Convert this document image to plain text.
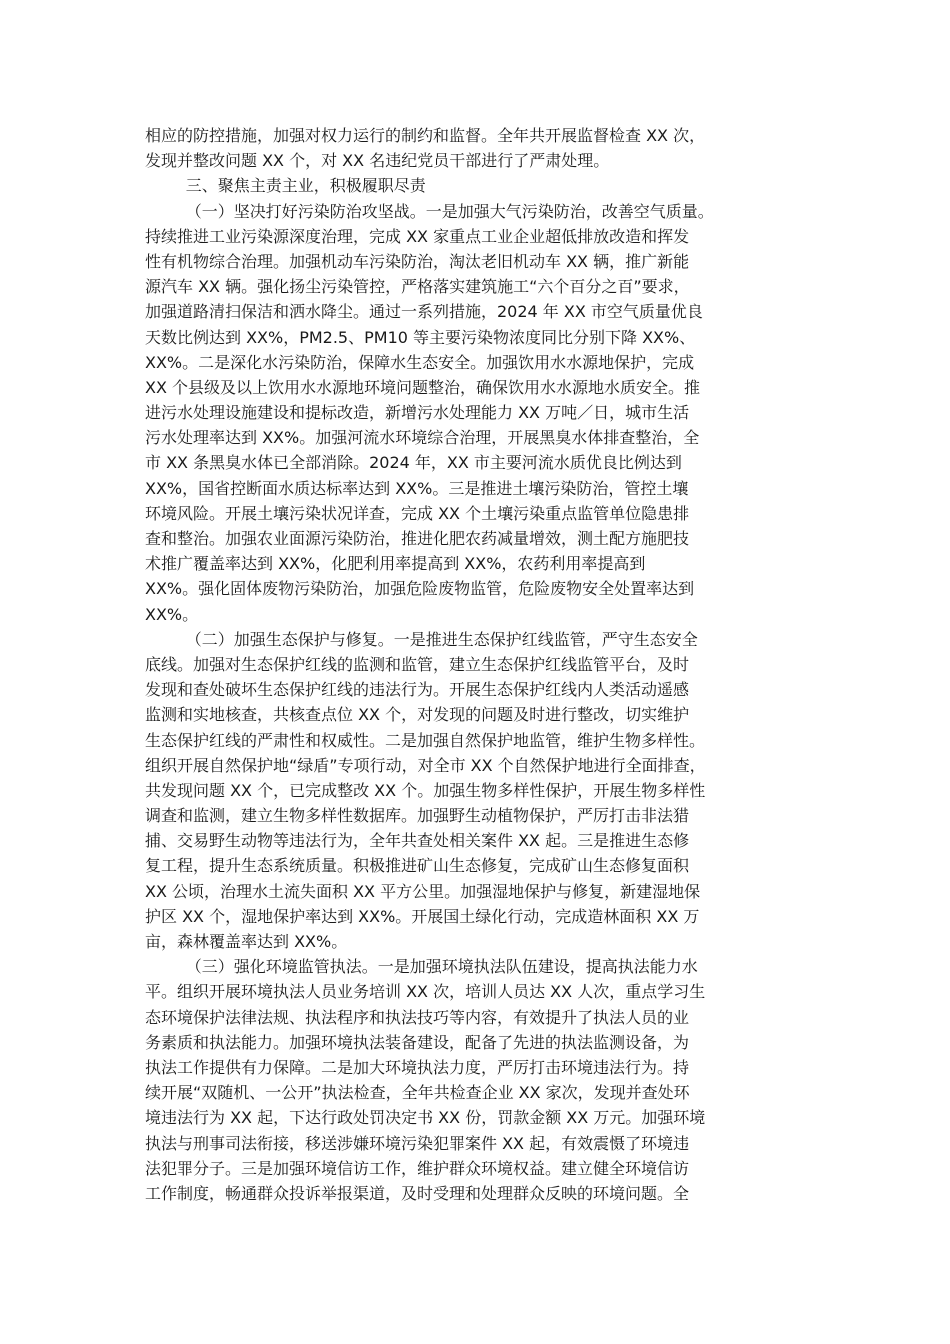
相应的防控措施，加强对权力运行的制约和监督。全年共开展监督检查 XX 次，
发现并整改问题 XX 个，对 XX 名违纪党员干部进行了严肃处理。
三、聚焦主责主业，积极履职尽责
（一）坚决打好污染防治攻坚战。一是加强大气污染防治，改善空气质量。
持续推进工业污染源深度治理，完成 XX 家重点工业企业超低排放改造和挥发
性有机物综合治理。加强机动车污染防治，淘汰老旧机动车 XX 辆，推广新能
源汽车 XX 辆。强化扬尘污染管控，严格落实建筑施工“六个百分之百”要求，
加强道路清扫保洁和洒水降尘。通过一系列措施，2024 年 XX 市空气质量优良
天数比例达到 XX%，PM2.5、PM10 等主要污染物浓度同比分别下降 XX%、
XX%。二是深化水污染防治，保障水生态安全。加强饮用水水源地保护，完成
XX 个县级及以上饮用水水源地环境问题整治，确保饮用水水源地水质安全。推
进污水处理设施建设和提标改造，新增污水处理能力 XX 万吨／日，城市生活
污水处理率达到 XX%。加强河流水环境综合治理，开展黑臭水体排查整治，全
市 XX 条黑臭水体已全部消除。2024 年，XX 市主要河流水质优良比例达到
XX%，国省控断面水质达标率达到 XX%。三是推进土壤污染防治，管控土壤
环境风险。开展土壤污染状况详查，完成 XX 个土壤污染重点监管单位隐患排
查和整治。加强农业面源污染防治，推进化肥农药减量增效，测土配方施肥技
术推广覆盖率达到 XX%，化肥利用率提高到 XX%，农药利用率提高到
XX%。强化固体废物污染防治，加强危险废物监管，危险废物安全处置率达到
XX%。
（二）加强生态保护与修复。一是推进生态保护红线监管，严守生态安全
底线。加强对生态保护红线的监测和监管，建立生态保护红线监管平台，及时
发现和查处破坏生态保护红线的违法行为。开展生态保护红线内人类活动遥感
监测和实地核查，共核查点位 XX 个，对发现的问题及时进行整改，切实维护
生态保护红线的严肃性和权威性。二是加强自然保护地监管，维护生物多样性。
组织开展自然保护地“绿盾”专项行动，对全市 XX 个自然保护地进行全面排查，
共发现问题 XX 个，已完成整改 XX 个。加强生物多样性保护，开展生物多样性
调查和监测，建立生物多样性数据库。加强野生动植物保护，严厉打击非法猎
捕、交易野生动物等违法行为，全年共查处相关案件 XX 起。三是推进生态修
复工程，提升生态系统质量。积极推进矿山生态修复，完成矿山生态修复面积
XX 公顷，治理水土流失面积 XX 平方公里。加强湿地保护与修复，新建湿地保
护区 XX 个，湿地保护率达到 XX%。开展国土绿化行动，完成造林面积 XX 万
亩，森林覆盖率达到 XX%。
（三）强化环境监管执法。一是加强环境执法队伍建设，提高执法能力水
平。组织开展环境执法人员业务培训 XX 次，培训人员达 XX 人次，重点学习生
态环境保护法律法规、执法程序和执法技巧等内容，有效提升了执法人员的业
务素质和执法能力。加强环境执法装备建设，配备了先进的执法监测设备，为
执法工作提供有力保障。二是加大环境执法力度，严厉打击环境违法行为。持
续开展“双随机、一公开”执法检查，全年共检查企业 XX 家次，发现并查处环
境违法行为 XX 起，下达行政处罚决定书 XX 份，罚款金额 XX 万元。加强环境
执法与刑事司法衔接，移送涉嫌环境污染犯罪案件 XX 起，有效震慑了环境违
法犯罪分子。三是加强环境信访工作，维护群众环境权益。建立健全环境信访
工作制度，畅通群众投诉举报渠道，及时受理和处理群众反映的环境问题。全
